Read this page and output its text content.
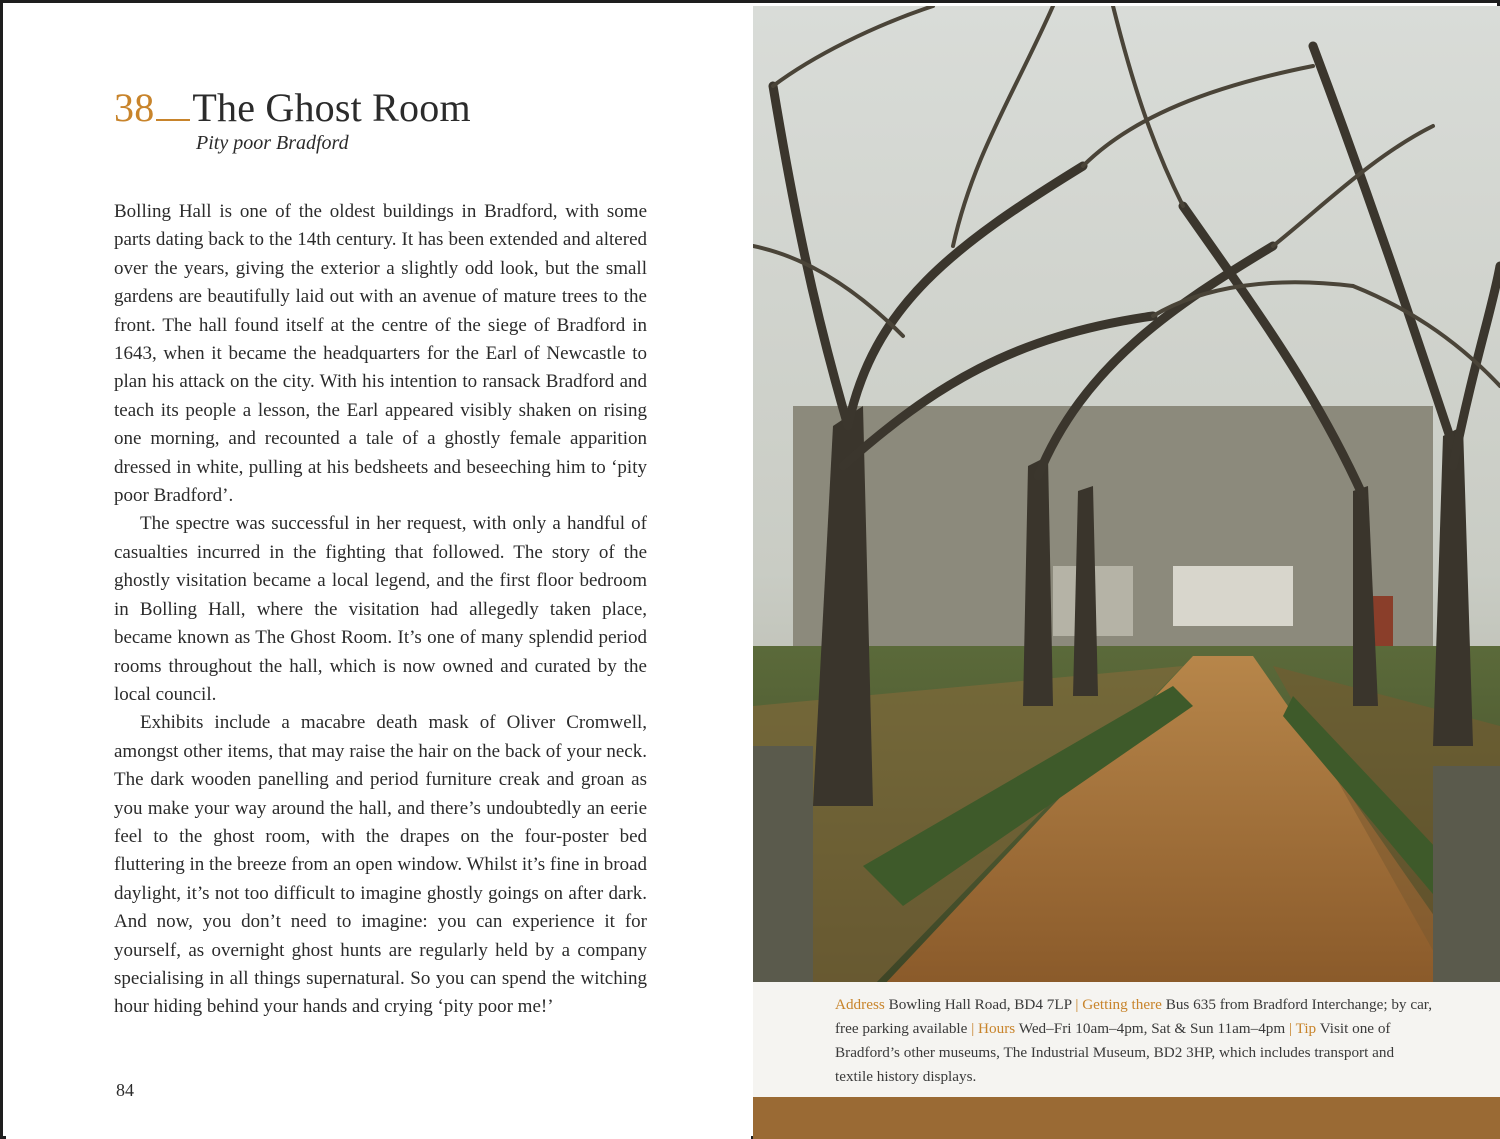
38 The Ghost Room
Pity poor Bradford

Bolling Hall is one of the oldest buildings in Bradford, with some parts dating back to the 14th century. It has been extended and altered over the years, giving the exterior a slightly odd look, but the small gardens are beautifully laid out with an avenue of mature trees to the front. The hall found itself at the centre of the siege of Bradford in 1643, when it became the headquarters for the Earl of Newcastle to plan his attack on the city. With his intention to ransack Bradford and teach its people a lesson, the Earl appeared visibly shaken on rising one morning, and recounted a tale of a ghostly female apparition dressed in white, pulling at his bedsheets and beseeching him to ‘pity poor Bradford’.

The spectre was successful in her request, with only a handful of casualties incurred in the fighting that followed. The story of the ghostly visitation became a local legend, and the first floor bedroom in Bolling Hall, where the visitation had allegedly taken place, became known as The Ghost Room. It’s one of many splendid period rooms throughout the hall, which is now owned and curated by the local council.

Exhibits include a macabre death mask of Oliver Cromwell, amongst other items, that may raise the hair on the back of your neck. The dark wooden panelling and period furniture creak and groan as you make your way around the hall, and there’s undoubtedly an eerie feel to the ghost room, with the drapes on the four-poster bed fluttering in the breeze from an open window. Whilst it’s fine in broad daylight, it’s not too difficult to imagine ghostly goings on after dark. And now, you don’t need to imagine: you can experience it for yourself, as overnight ghost hunts are regularly held by a company specialising in all things supernatural. So you can spend the witching hour hiding behind your hands and crying ‘pity poor me!’

84
Address Bowling Hall Road, BD4 7LP | Getting there Bus 635 from Bradford Interchange; by car, free parking available | Hours Wed–Fri 10am–4pm, Sat & Sun 11am–4pm | Tip Visit one of Bradford’s other museums, The Industrial Museum, BD2 3HP, which includes transport and textile history displays.
